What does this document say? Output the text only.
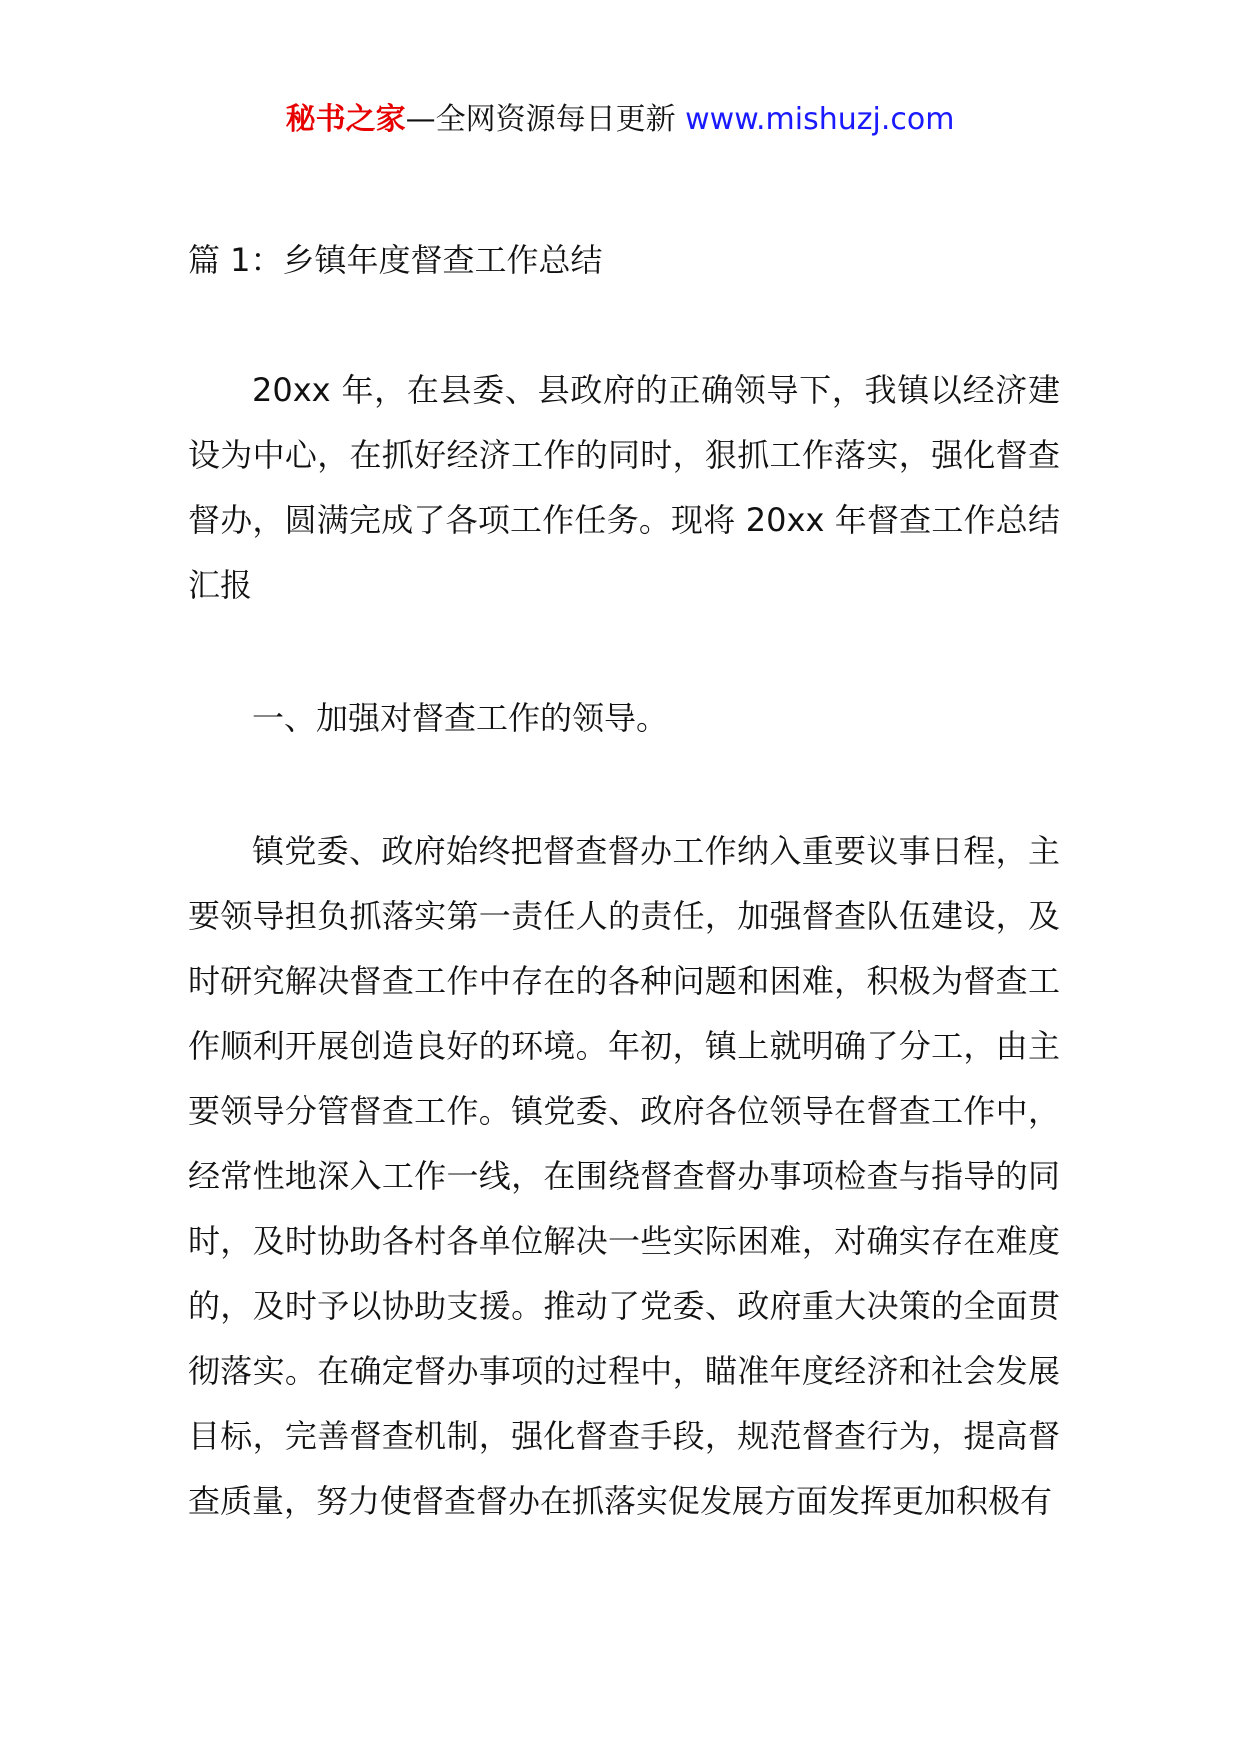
秘书之家—全网资源每日更新 www.mishuzj.com
篇 1：乡镇年度督查工作总结

20xx 年，在县委、县政府的正确领导下，我镇以经济建设为中心，在抓好经济工作的同时，狠抓工作落实，强化督查督办，圆满完成了各项工作任务。现将 20xx 年督查工作总结汇报

一、加强对督查工作的领导。

镇党委、政府始终把督查督办工作纳入重要议事日程，主要领导担负抓落实第一责任人的责任，加强督查队伍建设，及时研究解决督查工作中存在的各种问题和困难，积极为督查工作顺利开展创造良好的环境。年初，镇上就明确了分工，由主要领导分管督查工作。镇党委、政府各位领导在督查工作中，经常性地深入工作一线，在围绕督查督办事项检查与指导的同时，及时协助各村各单位解决一些实际困难，对确实存在难度的，及时予以协助支援。推动了党委、政府重大决策的全面贯彻落实。在确定督办事项的过程中，瞄准年度经济和社会发展目标，完善督查机制，强化督查手段，规范督查行为，提高督查质量，努力使督查督办在抓落实促发展方面发挥更加积极有
